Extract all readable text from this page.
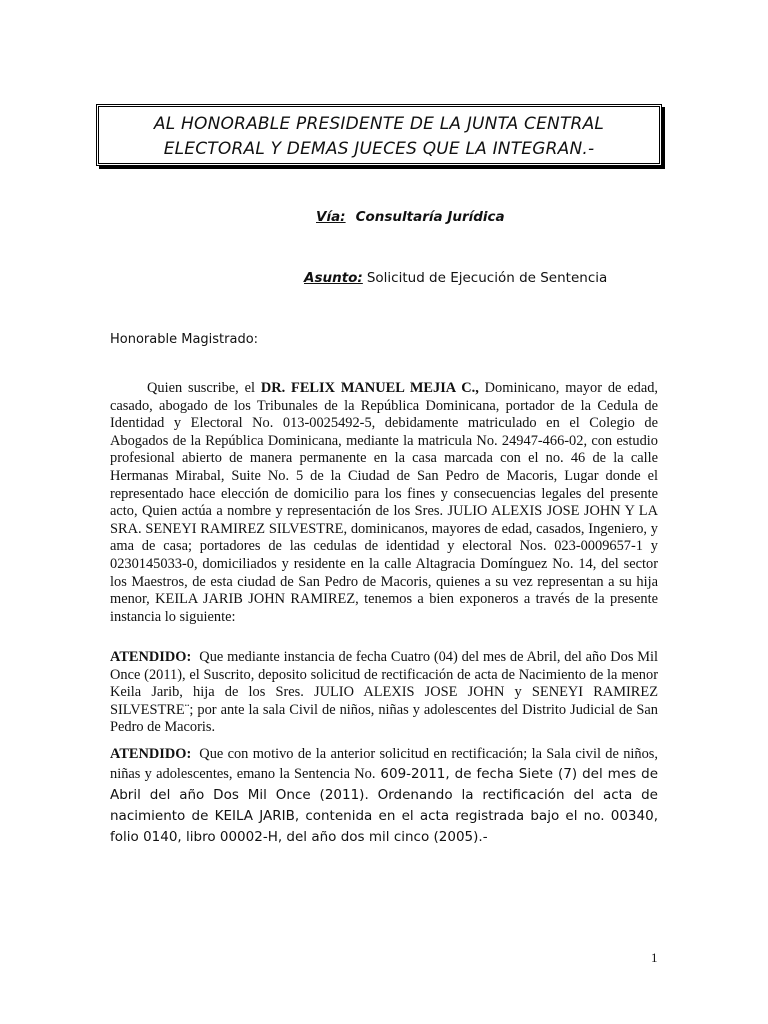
AL HONORABLE PRESIDENTE DE LA JUNTA CENTRAL
ELECTORAL Y DEMAS JUECES QUE LA INTEGRAN.-
Vía: Consultaría Jurídica
Asunto: Solicitud de Ejecución de Sentencia
Honorable Magistrado:
Quien suscribe, el DR. FELIX MANUEL MEJIA C., Dominicano, mayor de edad, casado, abogado de los Tribunales de la República Dominicana, portador de la Cedula de Identidad y Electoral No. 013-0025492-5, debidamente matriculado en el Colegio de Abogados de la República Dominicana, mediante la matricula No. 24947-466-02, con estudio profesional abierto de manera permanente en la casa marcada con el no. 46 de la calle Hermanas Mirabal, Suite No. 5 de la Ciudad de San Pedro de Macoris, Lugar donde el representado hace elección de domicilio para los fines y consecuencias legales del presente acto, Quien actúa a nombre y representación de los Sres. JULIO ALEXIS JOSE JOHN Y LA SRA. SENEYI RAMIREZ SILVESTRE, dominicanos, mayores de edad, casados, Ingeniero, y ama de casa; portadores de las cedulas de identidad y electoral Nos. 023-0009657-1 y 0230145033-0, domiciliados y residente en la calle Altagracia Domínguez No. 14, del sector los Maestros, de esta ciudad de San Pedro de Macoris, quienes a su vez representan a su hija menor, KEILA JARIB JOHN RAMIREZ, tenemos a bien exponeros a través de la presente instancia lo siguiente:
ATENDIDO: Que mediante instancia de fecha Cuatro (04) del mes de Abril, del año Dos Mil Once (2011), el Suscrito, deposito solicitud de rectificación de acta de Nacimiento de la menor Keila Jarib, hija de los Sres. JULIO ALEXIS JOSE JOHN y SENEYI RAMIREZ SILVESTRE¨; por ante la sala Civil de niños, niñas y adolescentes del Distrito Judicial de San Pedro de Macoris.
ATENDIDO: Que con motivo de la anterior solicitud en rectificación; la Sala civil de niños, niñas y adolescentes, emano la Sentencia No. 609-2011, de fecha Siete (7) del mes de Abril del año Dos Mil Once (2011). Ordenando la rectificación del acta de nacimiento de KEILA JARIB, contenida en el acta registrada bajo el no. 00340, folio 0140, libro 00002-H, del año dos mil cinco (2005).-
1
